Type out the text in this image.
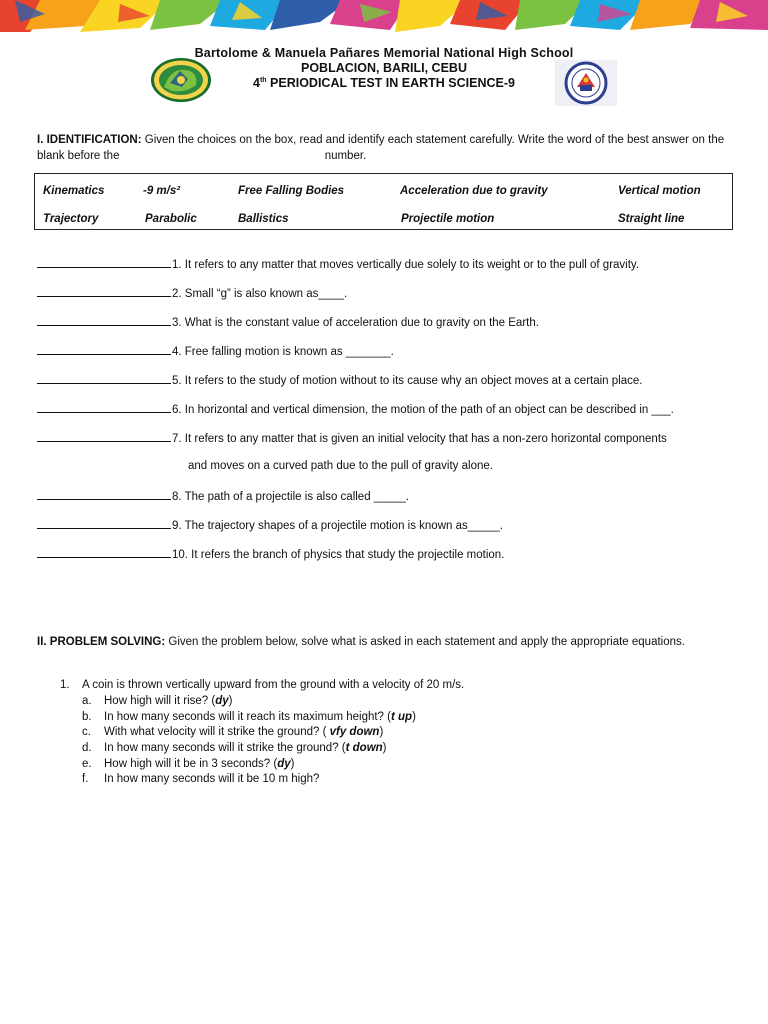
Bartolome & Manuela Pañares Memorial National High School
POBLACION, BARILI, CEBU
4th PERIODICAL TEST IN EARTH SCIENCE-9
I. IDENTIFICATION: Given the choices on the box, read and identify each statement carefully. Write the word of the best answer on the blank before the	number.
Kinematics	-9 m/s²	Free Falling Bodies	Acceleration due to gravity	Vertical motion
Trajectory	Parabolic	Ballistics	Projectile motion	Straight line
1. It refers to any matter that moves vertically due solely to its weight or to the pull of gravity.
2. Small “g” is also known as____.
3. What is the constant value of acceleration due to gravity on the Earth.
4. Free falling motion is known as _______.
5. It refers to the study of motion without to its cause why an object moves at a certain place.
6. In horizontal and vertical dimension, the motion of the path of an object can be described in ___.
7. It refers to any matter that is given an initial velocity that has a non-zero horizontal components
and moves on a curved path due to the pull of gravity alone.
8. The path of a projectile is also called _____.
9. The trajectory shapes of a projectile motion is known as_____.
10. It refers the branch of physics that study the projectile motion.
II. PROBLEM SOLVING: Given the problem below, solve what is asked in each statement and apply the appropriate equations.
1. A coin is thrown vertically upward from the ground with a velocity of 20 m/s.
a. How high will it rise? (dy)
b. In how many seconds will it reach its maximum height? (t up)
c. With what velocity will it strike the ground? ( vfy down)
d. In how many seconds will it strike the ground? (t down)
e. How high will it be in 3 seconds? (dy)
f. In how many seconds will it be 10 m high?
